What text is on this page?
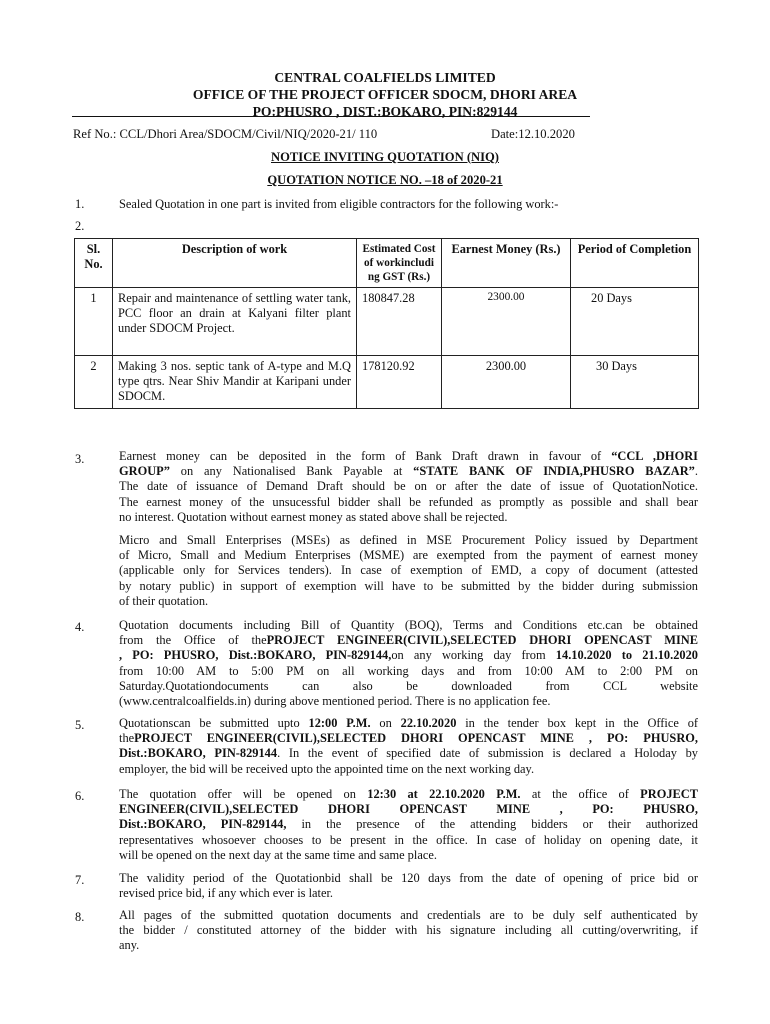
CENTRAL COALFIELDS LIMITED
OFFICE OF THE PROJECT OFFICER SDOCM, DHORI AREA
PO:PHUSRO , DIST.:BOKARO, PIN:829144
Ref No.: CCL/Dhori Area/SDOCM/Civil/NIQ/2020-21/ 110	Date:12.10.2020
NOTICE INVITING QUOTATION (NIQ)
QUOTATION NOTICE NO. –18 of 2020-21
1.	Sealed Quotation in one part is invited from eligible contractors for the following work:-
2.
Sl. No.	Description of work	Estimated Cost of workincluding GST (Rs.)	Earnest Money (Rs.)	Period of Completion
1	Repair and maintenance of settling water tank, PCC floor an drain at Kalyani filter plant under SDOCM Project.	180847.28	2300.00	20 Days
2	Making 3 nos. septic tank of A-type and M.Q type qtrs. Near Shiv Mandir at Karipani under SDOCM.	178120.92	2300.00	30 Days
3.	Earnest money can be deposited in the form of Bank Draft drawn in favour of “CCL ,DHORI
GROUP” on any Nationalised Bank Payable at “STATE BANK OF INDIA,PHUSRO BAZAR”.
The date of issuance of Demand Draft should be on or after the date of issue of QuotationNotice.
The earnest money of the unsucessful bidder shall be refunded as promptly as possible and shall bear
no interest. Quotation without earnest money as stated above shall be rejected.
Micro and Small Enterprises (MSEs) as defined in MSE Procurement Policy issued by Department
of Micro, Small and Medium Enterprises (MSME) are exempted from the payment of earnest money
(applicable only for Services tenders). In case of exemption of EMD, a copy of document (attested
by notary public) in support of exemption will have to be submitted by the bidder during submission
of their quotation.
4.	Quotation documents including Bill of Quantity (BOQ), Terms and Conditions etc.can be obtained
from the Office of thePROJECT ENGINEER(CIVIL),SELECTED DHORI OPENCAST MINE
, PO: PHUSRO, Dist.:BOKARO, PIN-829144,on any working day from 14.10.2020 to 21.10.2020
from 10:00 AM to 5:00 PM on all working days and from 10:00 AM to 2:00 PM on
Saturday.Quotationdocuments can also be downloaded from CCL website
(www.centralcoalfields.in) during above mentioned period. There is no application fee.
5.	Quotationscan be submitted upto 12:00 P.M. on 22.10.2020 in the tender box kept in the Office of
thePROJECT ENGINEER(CIVIL),SELECTED DHORI OPENCAST MINE , PO: PHUSRO,
Dist.:BOKARO, PIN-829144. In the event of specified date of submission is declared a Holoday by
employer, the bid will be received upto the appointed time on the next working day.
6.	The quotation offer will be opened on 12:30 at 22.10.2020 P.M. at the office of PROJECT
ENGINEER(CIVIL),SELECTED DHORI OPENCAST MINE , PO: PHUSRO,
Dist.:BOKARO, PIN-829144, in the presence of the attending bidders or their authorized
representatives whosoever chooses to be present in the office. In case of holiday on opening date, it
will be opened on the next day at the same time and same place.
7.	The validity period of the Quotationbid shall be 120 days from the date of opening of price bid or
revised price bid, if any which ever is later.
8.	All pages of the submitted quotation documents and credentials are to be duly self authenticated by
the bidder / constituted attorney of the bidder with his signature including all cutting/overwriting, if
any.
